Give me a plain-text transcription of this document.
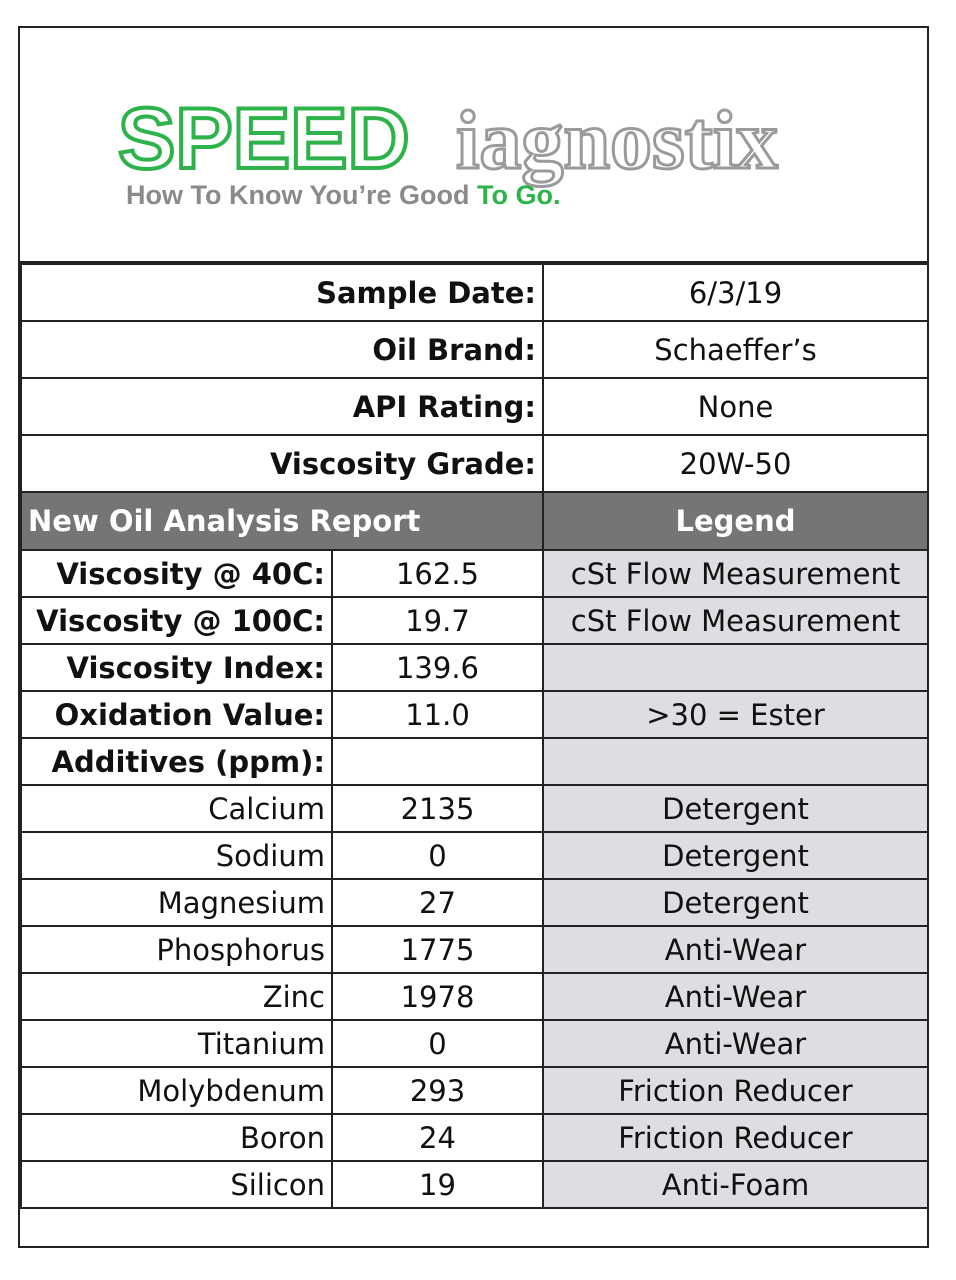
SPEED iagnostix
How To Know You’re Good To Go.
Sample Date:		6/3/19
Oil Brand:		Schaeffer’s
API Rating:		None
Viscosity Grade:		20W-50
New Oil Analysis Report		Legend
Viscosity @ 40C:	162.5	cSt Flow Measurement
Viscosity @ 100C:	19.7	cSt Flow Measurement
Viscosity Index:	139.6	
Oxidation Value:	11.0	>30 = Ester
Additives (ppm):		
Calcium	2135	Detergent
Sodium	0	Detergent
Magnesium	27	Detergent
Phosphorus	1775	Anti-Wear
Zinc	1978	Anti-Wear
Titanium	0	Anti-Wear
Molybdenum	293	Friction Reducer
Boron	24	Friction Reducer
Silicon	19	Anti-Foam
